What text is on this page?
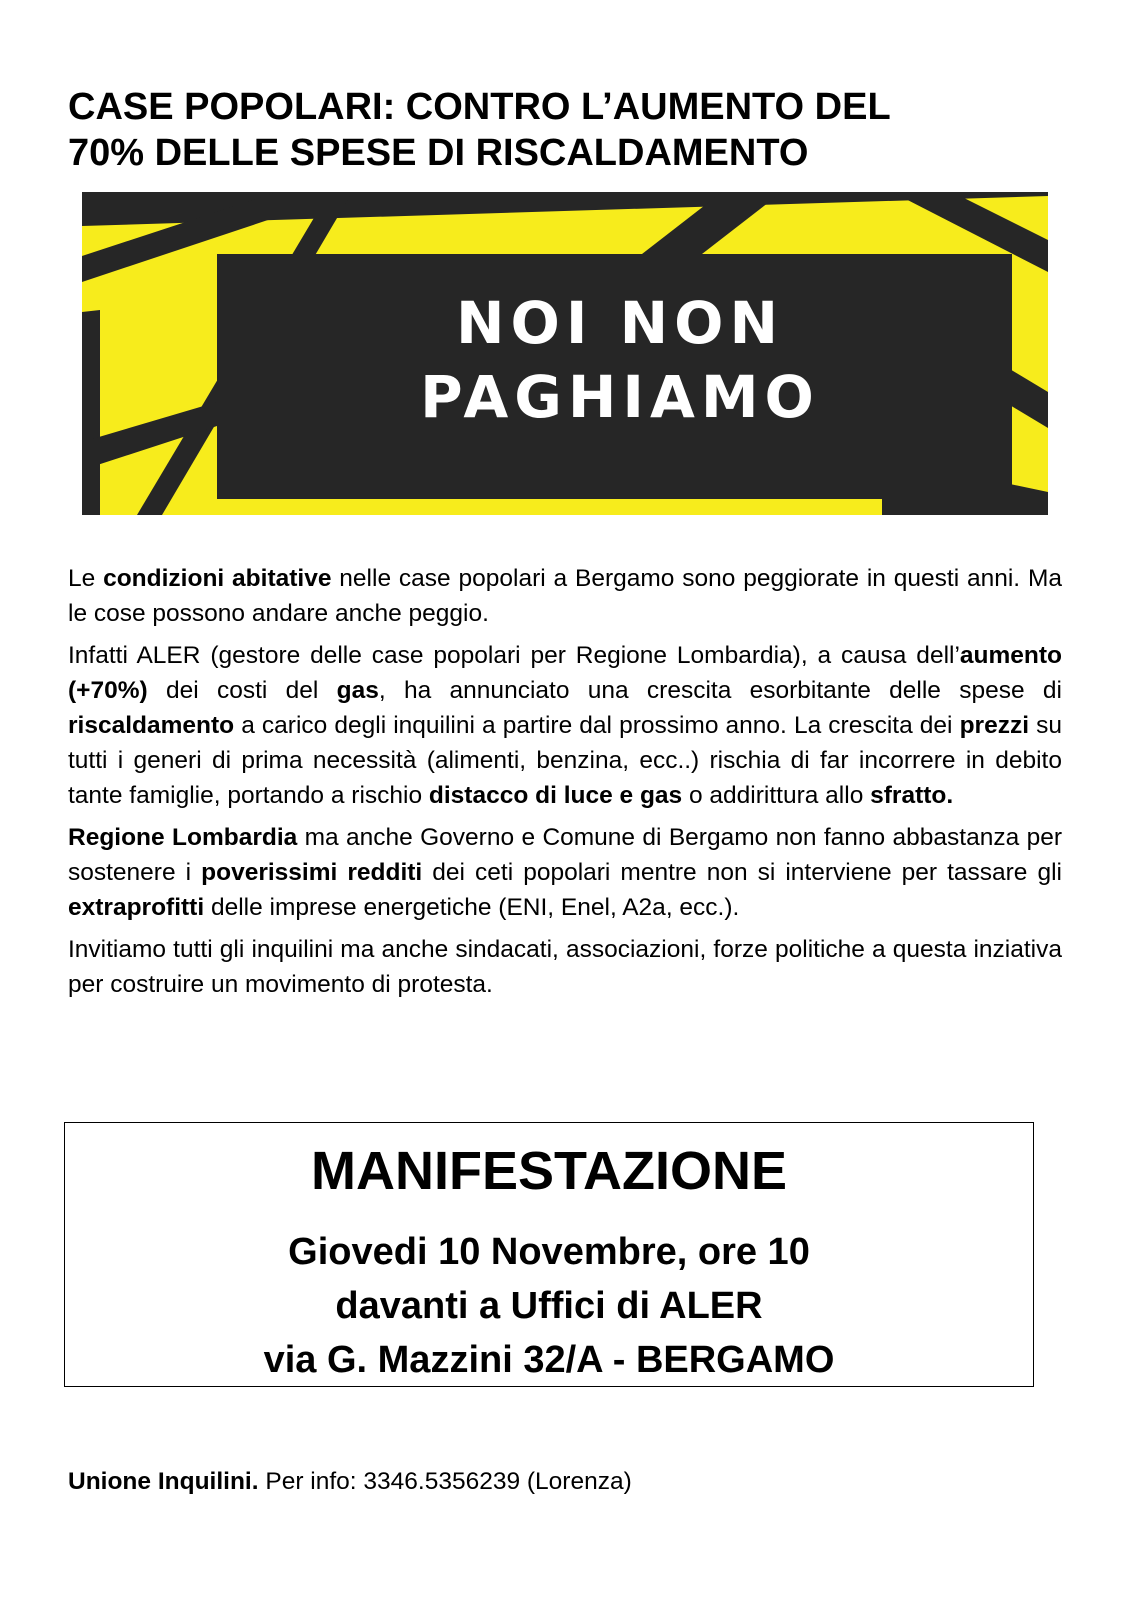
CASE POPOLARI: CONTRO L’AUMENTO DEL
70% DELLE SPESE DI RISCALDAMENTO
NOI NON
PAGHIAMO

Le condizioni abitative nelle case popolari a Bergamo sono peggiorate in questi anni. Ma le cose possono andare anche peggio.

Infatti ALER (gestore delle case popolari per Regione Lombardia), a causa dell’aumento (+70%) dei costi del gas, ha annunciato una crescita esorbitante delle spese di riscaldamento a carico degli inquilini a partire dal prossimo anno. La crescita dei prezzi su tutti i generi di prima necessità (alimenti, benzina, ecc..) rischia di far incorrere in debito tante famiglie, portando a rischio distacco di luce e gas o addirittura allo sfratto.

Regione Lombardia ma anche Governo e Comune di Bergamo non fanno abbastanza per sostenere i poverissimi redditi dei ceti popolari mentre non si interviene per tassare gli extraprofitti delle imprese energetiche (ENI, Enel, A2a, ecc.).

Invitiamo tutti gli inquilini ma anche sindacati, associazioni, forze politiche a questa inziativa per costruire un movimento di protesta.

MANIFESTAZIONE
Giovedi 10 Novembre, ore 10
davanti a Uffici di ALER
via G. Mazzini 32/A - BERGAMO
Unione Inquilini. Per info: 3346.5356239 (Lorenza)
